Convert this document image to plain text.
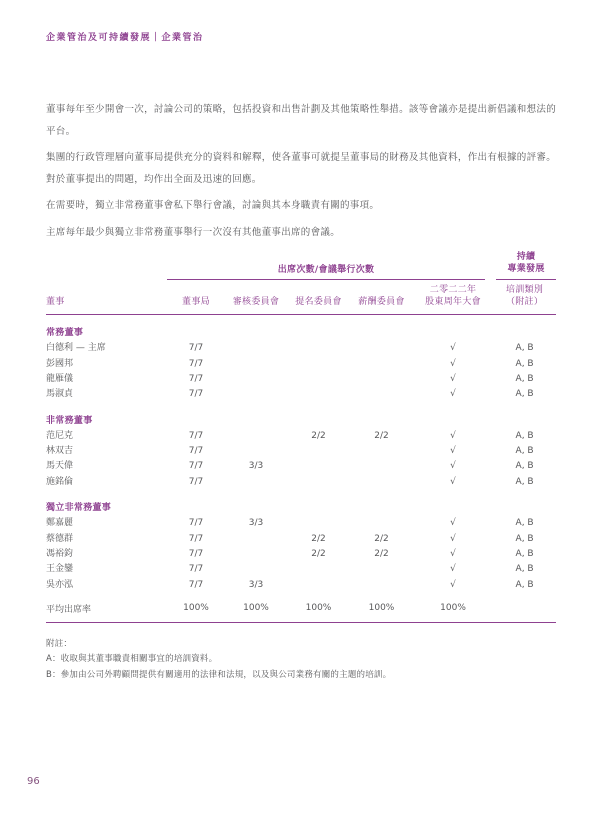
企業管治及可持續發展｜企業管治

董事每年至少開會一次，討論公司的策略，包括投資和出售計劃及其他策略性舉措。該等會議亦是提出新倡議和想法的平台。

集團的行政管理層向董事局提供充分的資料和解釋，使各董事可就提呈董事局的財務及其他資料，作出有根據的評審。對於董事提出的問題，均作出全面及迅速的回應。

在需要時，獨立非常務董事會私下舉行會議，討論與其本身職責有關的事項。

主席每年最少與獨立非常務董事舉行一次沒有其他董事出席的會議。

	出席次數/會議舉行次數					持續
專業發展

董事	董事局	審核委員會	提名委員會	薪酬委員會	二零二二年
股東周年大會	培訓類別
（附註）
常務董事						
白德利 — 主席	7/7				√	A, B
彭國邦	7/7				√	A, B
龍雁儀	7/7				√	A, B
馬淑貞	7/7				√	A, B
非常務董事						
范尼克	7/7		2/2	2/2	√	A, B
林双吉	7/7				√	A, B
馬天偉	7/7	3/3			√	A, B
施銘倫	7/7				√	A, B
獨立非常務董事						
鄭嘉麗	7/7	3/3			√	A, B
蔡德群	7/7		2/2	2/2	√	A, B
馮裕鈞	7/7		2/2	2/2	√	A, B
王金鑾	7/7				√	A, B
吳亦泓	7/7	3/3			√	A, B
平均出席率	100%	100%	100%	100%	100%	
附註：
A：收取與其董事職責相關事宜的培訓資料。
B：參加由公司外聘顧問提供有關適用的法律和法規，以及與公司業務有關的主題的培訓。
96
